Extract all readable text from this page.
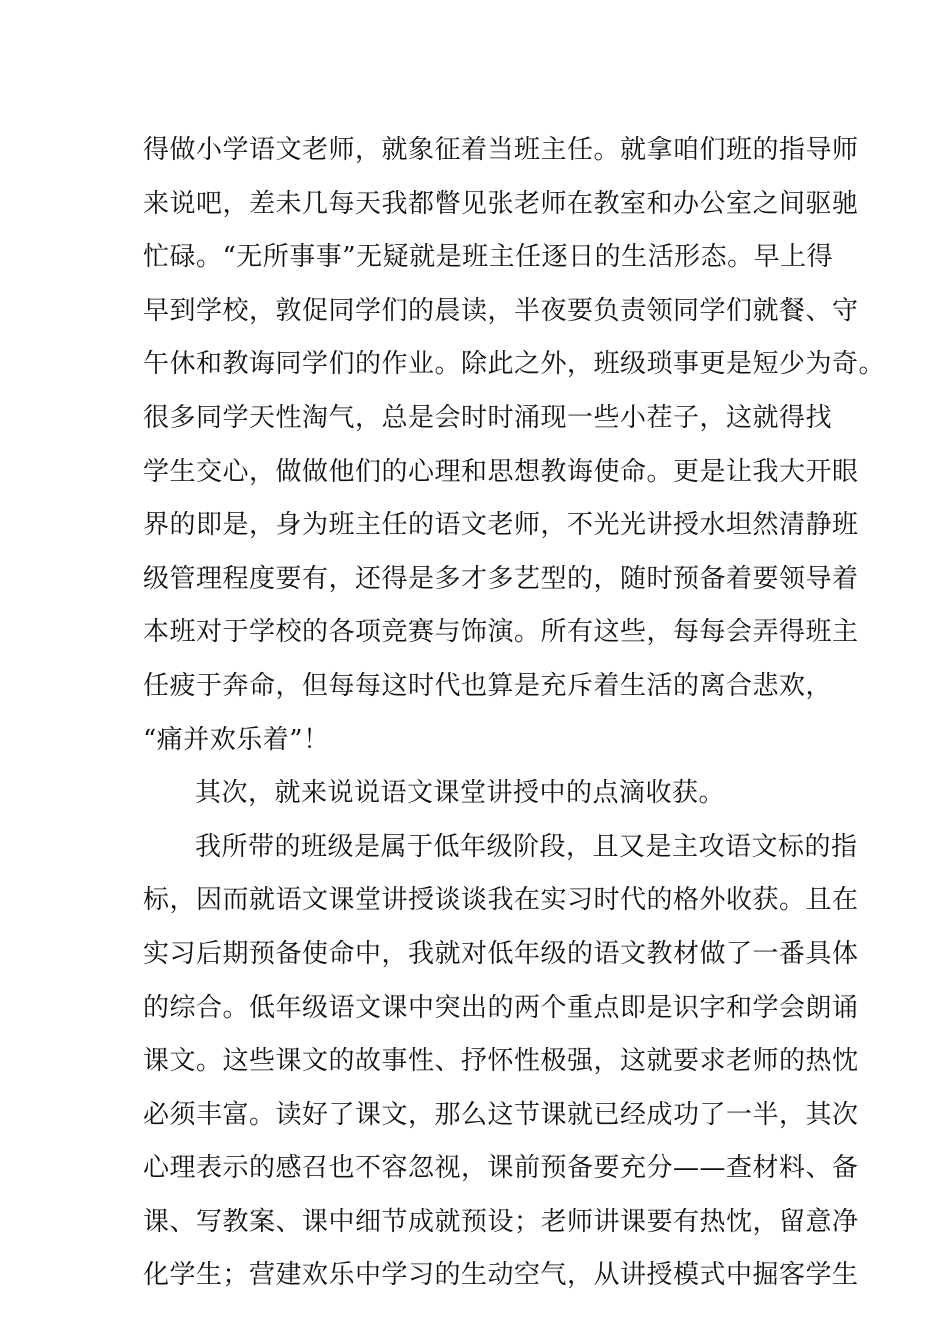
得做小学语文老师，就象征着当班主任。就拿咱们班的指导师
来说吧，差未几每天我都瞥见张老师在教室和办公室之间驱驰
忙碌。“无所事事”无疑就是班主任逐日的生活形态。早上得
早到学校，敦促同学们的晨读，半夜要负责领同学们就餐、守
午休和教诲同学们的作业。除此之外，班级琐事更是短少为奇。
很多同学天性淘气，总是会时时涌现一些小茬子，这就得找
学生交心，做做他们的心理和思想教诲使命。更是让我大开眼
界的即是，身为班主任的语文老师，不光光讲授水坦然清静班
级管理程度要有，还得是多才多艺型的，随时预备着要领导着
本班对于学校的各项竞赛与饰演。所有这些，每每会弄得班主
任疲于奔命，但每每这时代也算是充斥着生活的离合悲欢，
“痛并欢乐着”！
其次，就来说说语文课堂讲授中的点滴收获。
我所带的班级是属于低年级阶段，且又是主攻语文标的指
标，因而就语文课堂讲授谈谈我在实习时代的格外收获。且在
实习后期预备使命中，我就对低年级的语文教材做了一番具体
的综合。低年级语文课中突出的两个重点即是识字和学会朗诵
课文。这些课文的故事性、抒怀性极强，这就要求老师的热忱
必须丰富。读好了课文，那么这节课就已经成功了一半，其次
心理表示的感召也不容忽视，课前预备要充分——查材料、备
课、写教案、课中细节成就预设；老师讲课要有热忱，留意净
化学生；营建欢乐中学习的生动空气，从讲授模式中掘客学生
